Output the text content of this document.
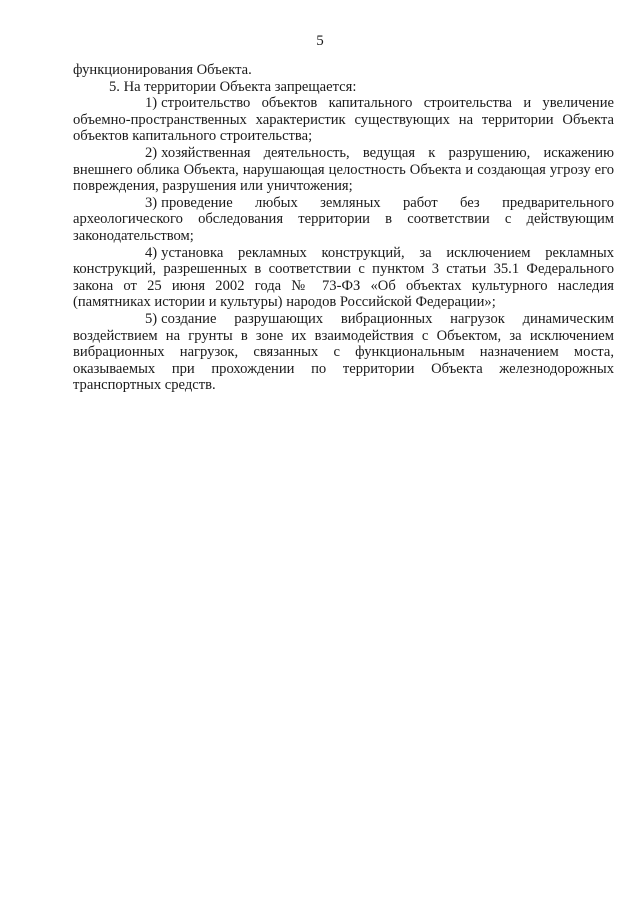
5

функционирования Объекта.

5. На территории Объекта запрещается:

1) строительство объектов капитального строительства и увеличение объемно-пространственных характеристик существующих на территории Объекта объектов капитального строительства;

2) хозяйственная деятельность, ведущая к разрушению, искажению внешнего облика Объекта, нарушающая целостность Объекта и создающая угрозу его повреждения, разрушения или уничтожения;

3) проведение любых земляных работ без предварительного археологического обследования территории в соответствии с действующим законодательством;

4) установка рекламных конструкций, за исключением рекламных конструкций, разрешенных в соответствии с пунктом 3 статьи 35.1 Федерального закона от 25 июня 2002 года № 73-ФЗ «Об объектах культурного наследия (памятниках истории и культуры) народов Российской Федерации»;

5) создание разрушающих вибрационных нагрузок динамическим воздействием на грунты в зоне их взаимодействия с Объектом, за исключением вибрационных нагрузок, связанных с функциональным назначением моста, оказываемых при прохождении по территории Объекта железнодорожных транспортных средств.
